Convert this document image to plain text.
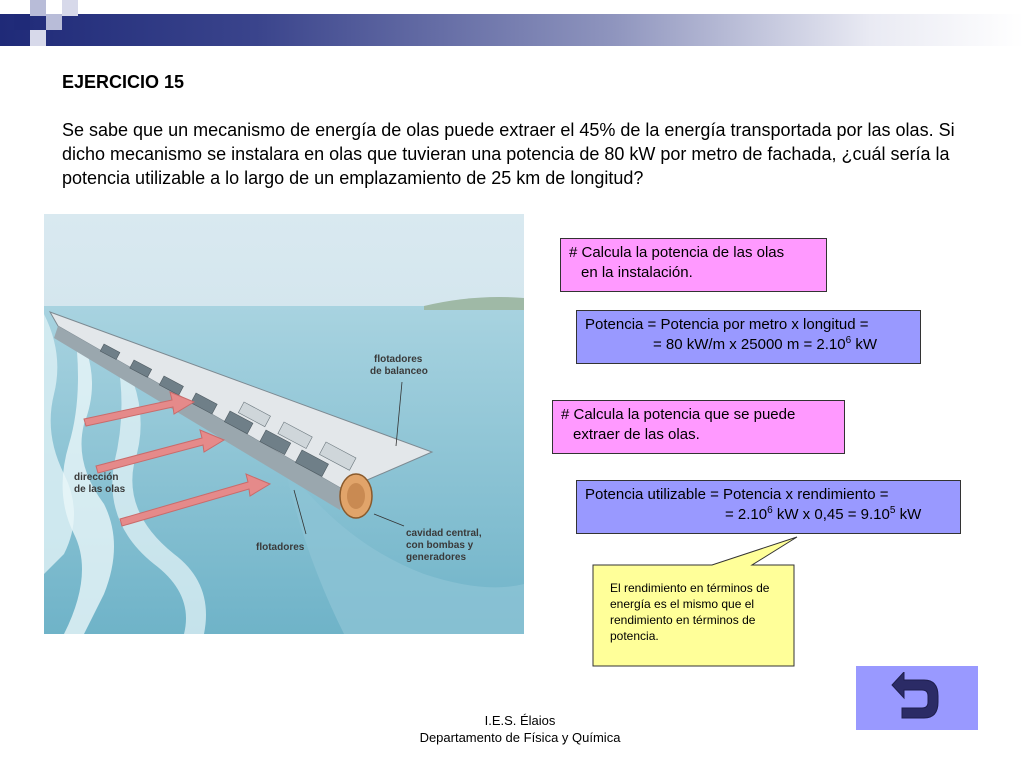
EJERCICIO 15
Se sabe que un mecanismo de energía de olas puede extraer el 45% de la energía transportada por las olas. Si dicho mecanismo se instalara en olas que tuvieran una potencia de 80 kW por metro de fachada, ¿cuál sería la potencia utilizable a lo largo de un emplazamiento de 25 km de longitud?
flotadores
de balanceo
dirección
de las olas
flotadores
cavidad central,
con bombas y
generadores
# Calcula la potencia de las olas
en la instalación.
Potencia = Potencia por metro x longitud =
= 80 kW/m x 25000 $m = 2.10^6$ kW
# Calcula la potencia que se puede
extraer de las olas.
Potencia utilizable = Potencia x rendimiento =
= $2.10^6$ kW x $0,45 = 9.10^5$ kW
El rendimiento en términos de energía es el mismo que el rendimiento en términos de potencia.
I.E.S. Élaios
Departamento de Física y Química
